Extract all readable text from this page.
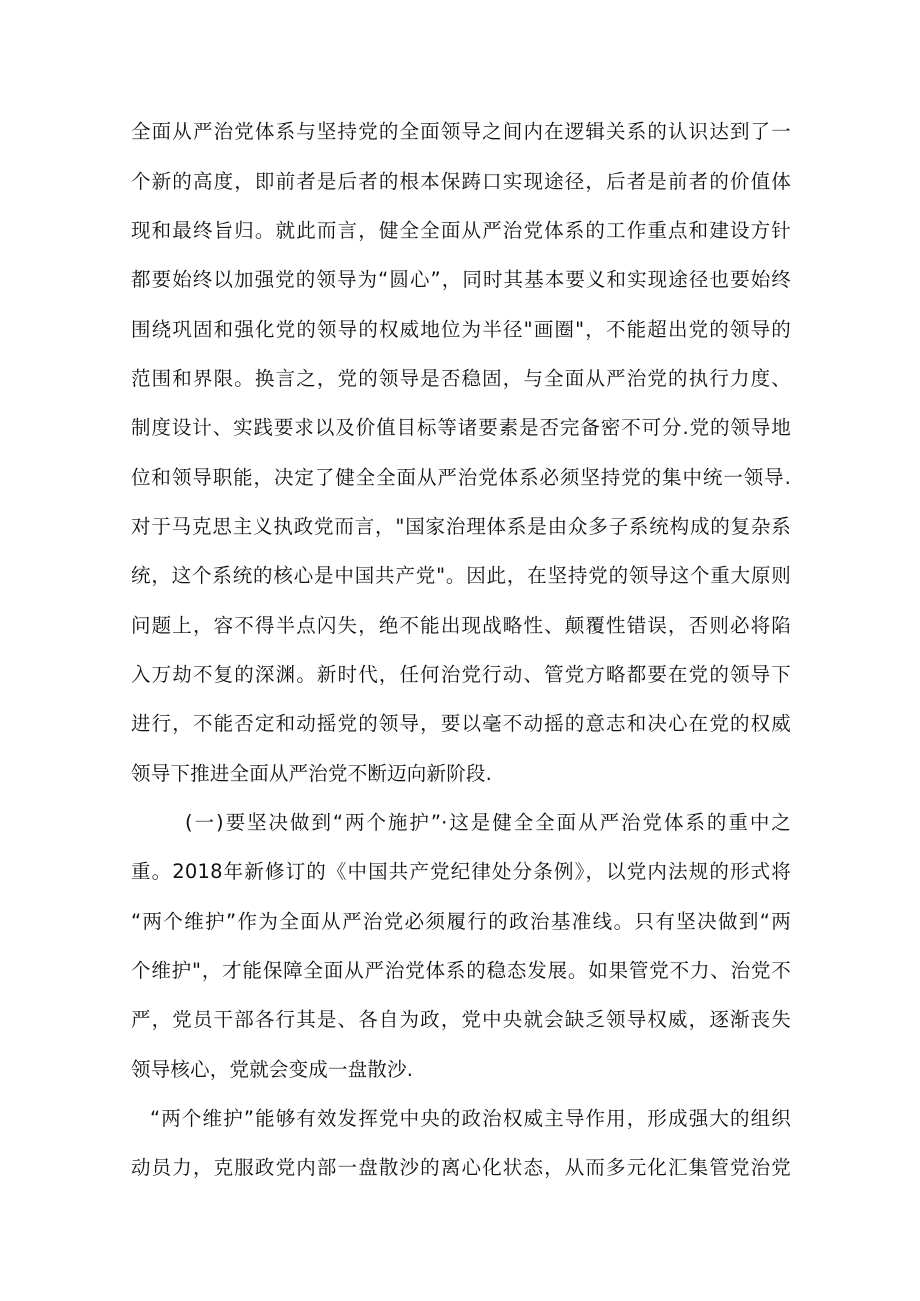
全面从严治党体系与坚持党的全面领导之间内在逻辑关系的认识达到了一
个新的高度，即前者是后者的根本保踌口实现途径，后者是前者的价值体
现和最终旨归。就此而言，健全全面从严治党体系的工作重点和建设方针
都要始终以加强党的领导为“圆心”，同时其基本要义和实现途径也要始终
围绕巩固和强化党的领导的权威地位为半径"画圈"，不能超出党的领导的
范围和界限。换言之，党的领导是否稳固，与全面从严治党的执行力度、
制度设计、实践要求以及价值目标等诸要素是否完备密不可分.党的领导地
位和领导职能，决定了健全全面从严治党体系必须坚持党的集中统一领导.
对于马克思主义执政党而言，"国家治理体系是由众多子系统构成的复杂系
统，这个系统的核心是中国共产党"。因此，在坚持党的领导这个重大原则
问题上，容不得半点闪失，绝不能出现战略性、颠覆性错误，否则必将陷
入万劫不复的深渊。新时代，任何治党行动、管党方略都要在党的领导下
进行，不能否定和动摇党的领导，要以毫不动摇的意志和决心在党的权威
领导下推进全面从严治党不断迈向新阶段.
(一)要坚决做到“两个施护”·这是健全全面从严治党体系的重中之
重。2018年新修订的《中国共产党纪律处分条例》，以党内法规的形式将
“两个维护”作为全面从严治党必须履行的政治基准线。只有坚决做到“两
个维护"，才能保障全面从严治党体系的稳态发展。如果管党不力、治党不
严，党员干部各行其是、各自为政，党中央就会缺乏领导权威，逐渐丧失
领导核心，党就会变成一盘散沙.
“两个维护”能够有效发挥党中央的政治权威主导作用，形成强大的组织
动员力，克服政党内部一盘散沙的离心化状态，从而多元化汇集管党治党
